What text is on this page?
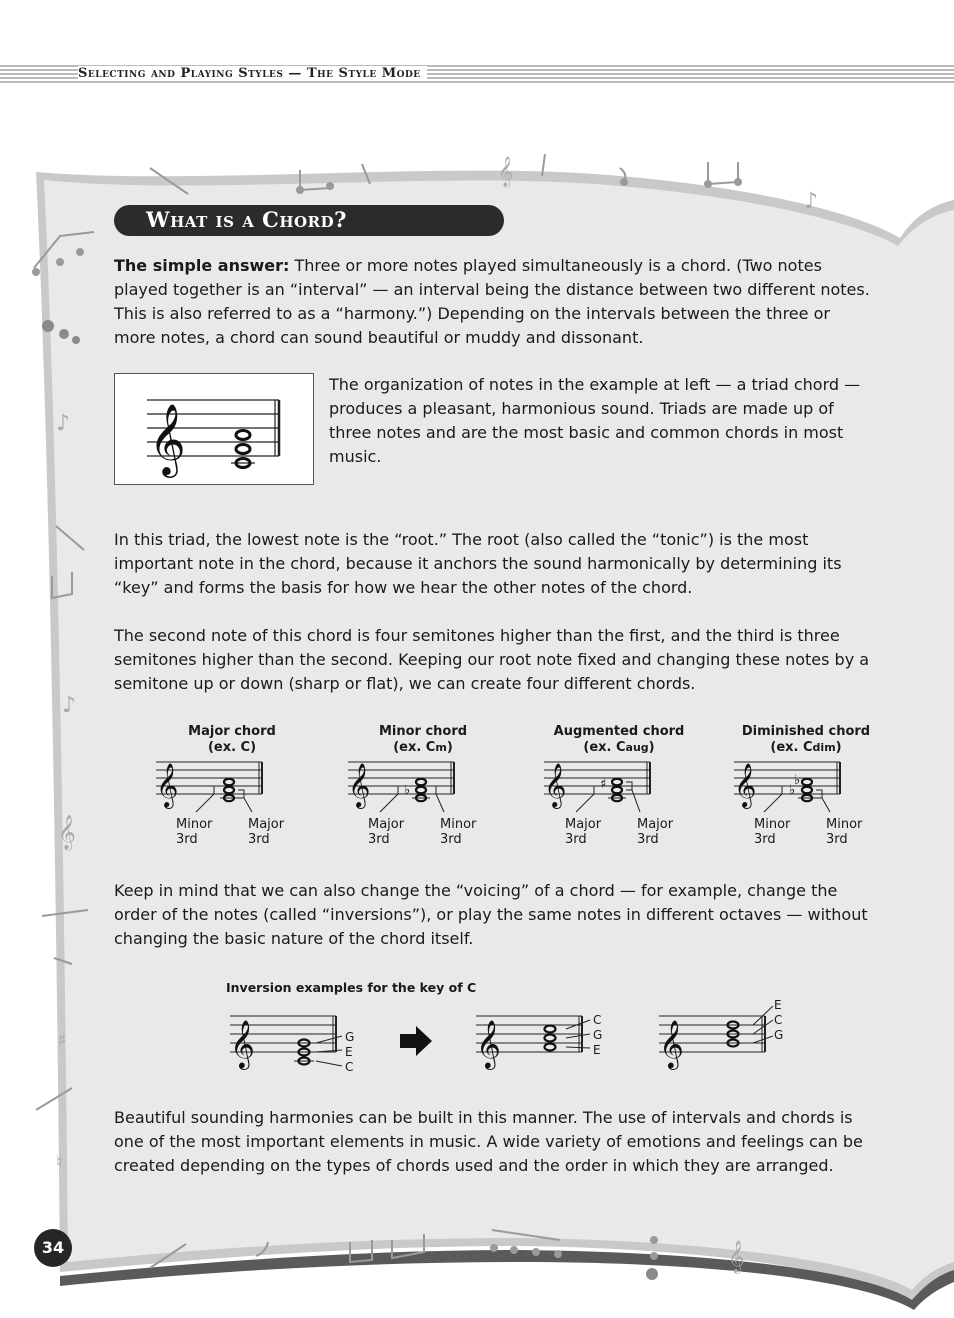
𝄞
♪
♪
♪
𝄞
♯
♮
𝄞
Selecting and Playing Styles — The Style Mode
What is a Chord?

The simple answer: Three or more notes played simultaneously is a chord. (Two notes played together is an “interval” — an interval being the distance between two different notes. This is also referred to as a “harmony.”) Depending on the intervals between the three or more notes, a chord can sound beautiful or muddy and dissonant.

𝄞

The organization of notes in the example at left — a triad chord — produces a pleasant, harmonious sound. Triads are made up of three notes and are the most basic and common chords in most music.

In this triad, the lowest note is the “root.” The root (also called the “tonic”) is the most important note in the chord, because it anchors the sound harmonically by determining its “key” and forms the basis for how we hear the other notes of the chord.

The second note of this chord is four semitones higher than the first, and the third is three semitones higher than the second. Keeping our root note fixed and changing these notes by a semitone up or down (sharp or flat), we can create four different chords.

Major chord
(ex. C)
𝄞
Minor
3rd
Major
3rd
Minor chord
(ex. Cm)
𝄞	♭
Major
3rd
Minor
3rd
Augmented chord
(ex. Caug)
𝄞	♯
Major
3rd
Major
3rd
Diminished chord
(ex. Cdim)
𝄞	♭
♭
Minor
3rd
Minor
3rd

Keep in mind that we can also change the “voicing” of a chord — for example, change the order of the notes (called “inversions”), or play the same notes in different octaves — without changing the basic nature of the chord itself.

Inversion examples for the key of C
𝄞	G
E
C	𝄞	C
G
E 𝄞
E
C
G

Beautiful sounding harmonies can be built in this manner. The use of intervals and chords is one of the most important elements in music. A wide variety of emotions and feelings can be created depending on the types of chords used and the order in which they are arranged.

34
